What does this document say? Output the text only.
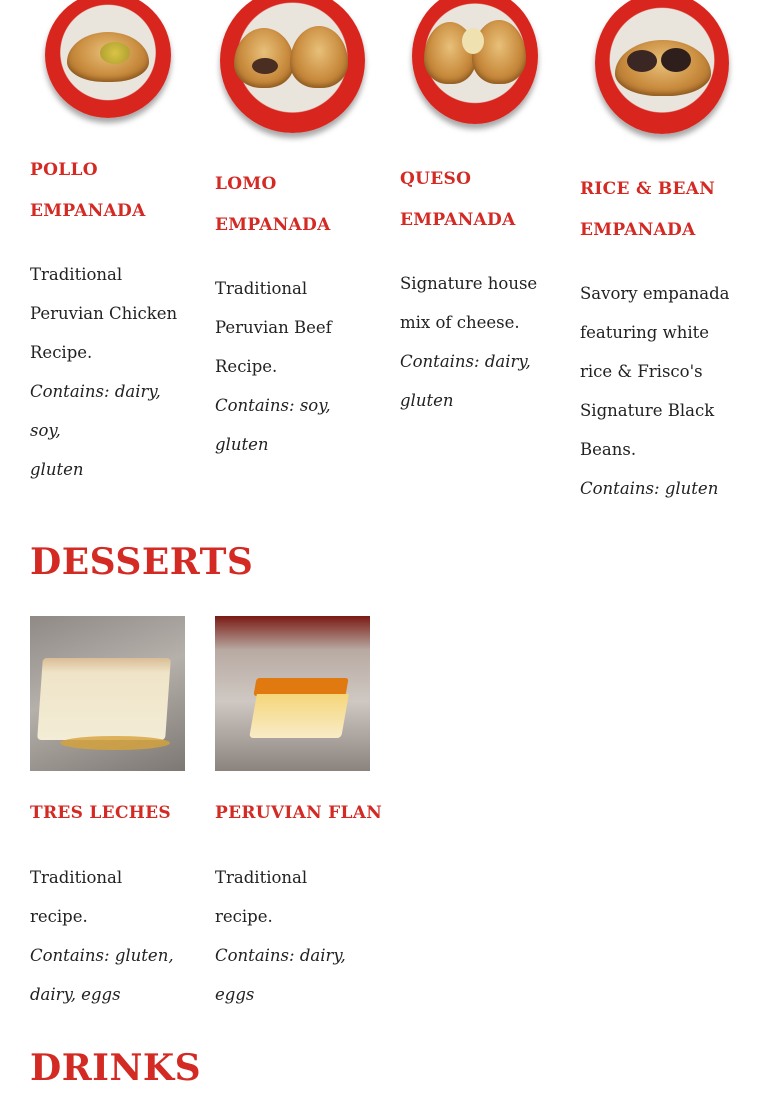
POLLO
EMPANADA

Traditional
Peruvian Chicken
Recipe.
Contains: dairy, soy,
gluten

LOMO
EMPANADA

Traditional
Peruvian Beef
Recipe.
Contains: soy, gluten

QUESO
EMPANADA

Signature house
mix of cheese.
Contains: dairy,
gluten

RICE & BEAN
EMPANADA

Savory empanada
featuring white
rice & Frisco's
Signature Black
Beans.
Contains: gluten

DESSERTS
TRES LECHES

Traditional
recipe.
Contains: gluten,
dairy, eggs

PERUVIAN FLAN

Traditional
recipe.
Contains: dairy,
eggs

DRINKS
